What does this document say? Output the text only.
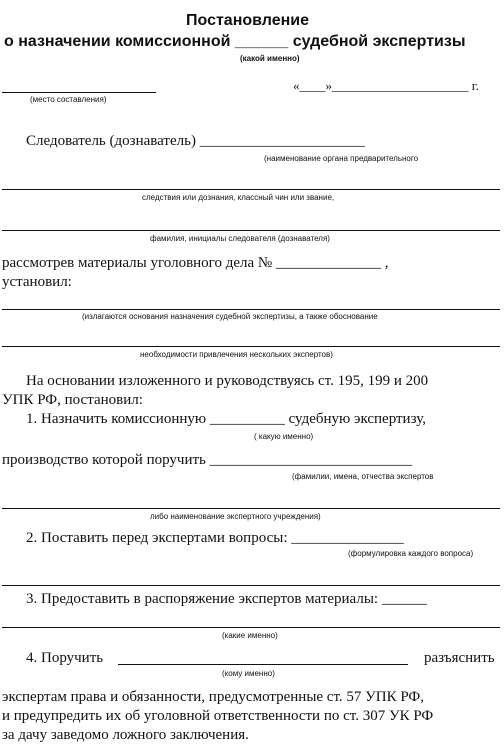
Постановление
о назначении комиссионной ______ судебной экспертизы
(какой именно)
(место составления)
«____»_____________________ г.
Следователь (дознаватель) ______________________
(наименование органа предварительного
следствия или дознания, классный чин или звание,
фамилия, инициалы следователя (дознавателя)
рассмотрев материалы уголовного дела № ______________ ,
установил:
(излагаются основания назначения судебной экспертизы, а также обоснование
необходимости привлечения нескольких экспертов)
На основании изложенного и руководствуясь ст. 195, 199 и 200
УПК РФ, постановил:
1. Назначить комиссионную __________ судебную экспертизу,
( какую именно)
производство которой поручить ___________________________
(фамилии, имена, отчества экспертов
либо наименование экспертного учреждения)
2. Поставить перед экспертами вопросы: _______________
(формулировка каждого вопроса)
3. Предоставить в распоряжение экспертов материалы: ______
(какие именно)
4. Поручить	разъяснить
(кому именно)
экспертам права и обязанности, предусмотренные ст. 57 УПК РФ,
и предупредить их об уголовной ответственности по ст. 307 УК РФ
за дачу заведомо ложного заключения.
